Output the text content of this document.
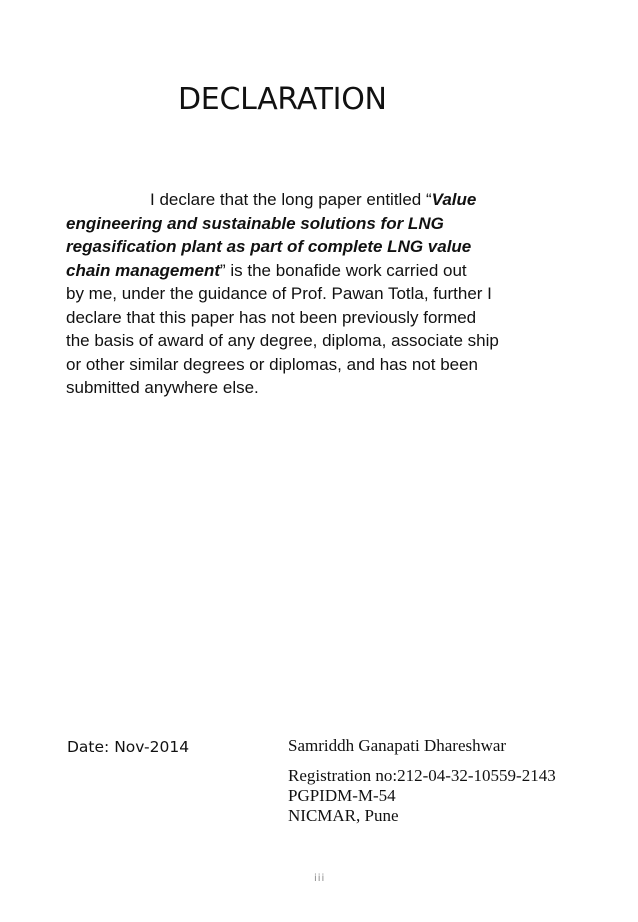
DECLARATION

I declare that the long paper entitled “Value
engineering and sustainable solutions for LNG
regasification plant as part of complete LNG value
chain management” is the bonafide work carried out
by me, under the guidance of Prof. Pawan Totla, further I
declare that this paper has not been previously formed
the basis of award of any degree, diploma, associate ship
or other similar degrees or diplomas, and has not been
submitted anywhere else.

Date: Nov-2014	Samriddh Ganapati Dhareshwar
Registration no:212-04-32-10559-2143
PGPIDM-M-54
NICMAR, Pune
iii
